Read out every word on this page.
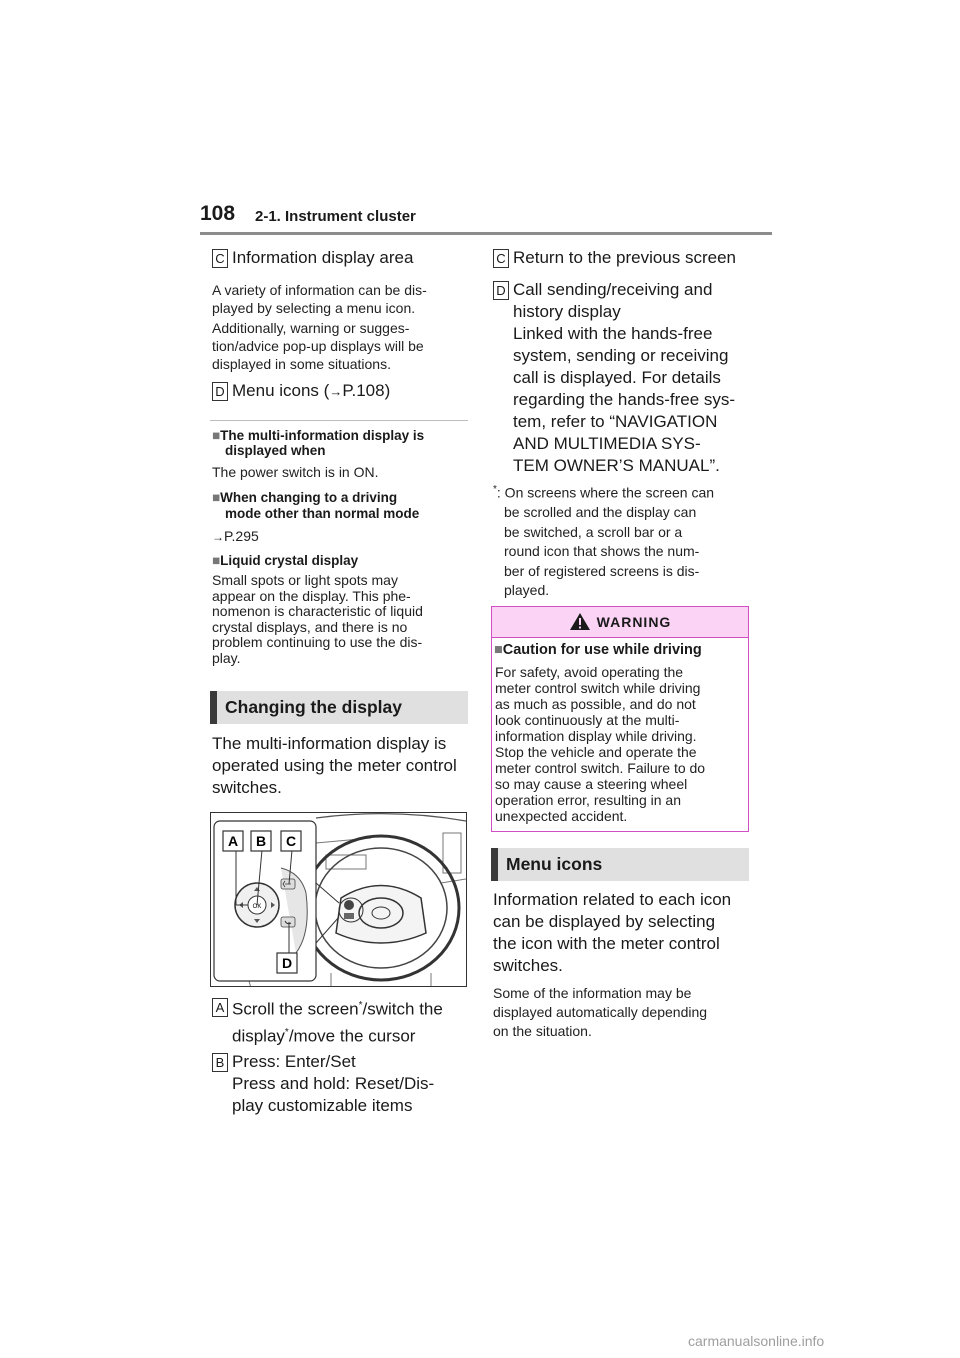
108 2-1. Instrument cluster
C Information display area
A variety of information can be dis-
played by selecting a menu icon.
Additionally, warning or sugges-
tion/advice pop-up displays will be
displayed in some situations.
D Menu icons (→P.108)
■The multi-information display is
displayed when
The power switch is in ON.
■When changing to a driving
mode other than normal mode
→P.295
■Liquid crystal display
Small spots or light spots may
appear on the display. This phe-
nomenon is characteristic of liquid
crystal displays, and there is no
problem continuing to use the dis-
play.
Changing the display
The multi-information display is
operated using the meter control
switches.
A B C
D
OK
A Scroll the screen*/switch the
display*/move the cursor
B Press: Enter/Set
Press and hold: Reset/Dis-
play customizable items
C Return to the previous screen
D Call sending/receiving and
history display
Linked with the hands-free
system, sending or receiving
call is displayed. For details
regarding the hands-free sys-
tem, refer to “NAVIGATION
AND MULTIMEDIA SYS-
TEM OWNER’S MANUAL”.
*: On screens where the screen can
be scrolled and the display can
be switched, a scroll bar or a
round icon that shows the num-
ber of registered screens is dis-
played.
WARNING
■Caution for use while driving
For safety, avoid operating the
meter control switch while driving
as much as possible, and do not
look continuously at the multi-
information display while driving.
Stop the vehicle and operate the
meter control switch. Failure to do
so may cause a steering wheel
operation error, resulting in an
unexpected accident.
Menu icons
Information related to each icon
can be displayed by selecting
the icon with the meter control
switches.
Some of the information may be
displayed automatically depending
on the situation.
carmanualsonline.info
